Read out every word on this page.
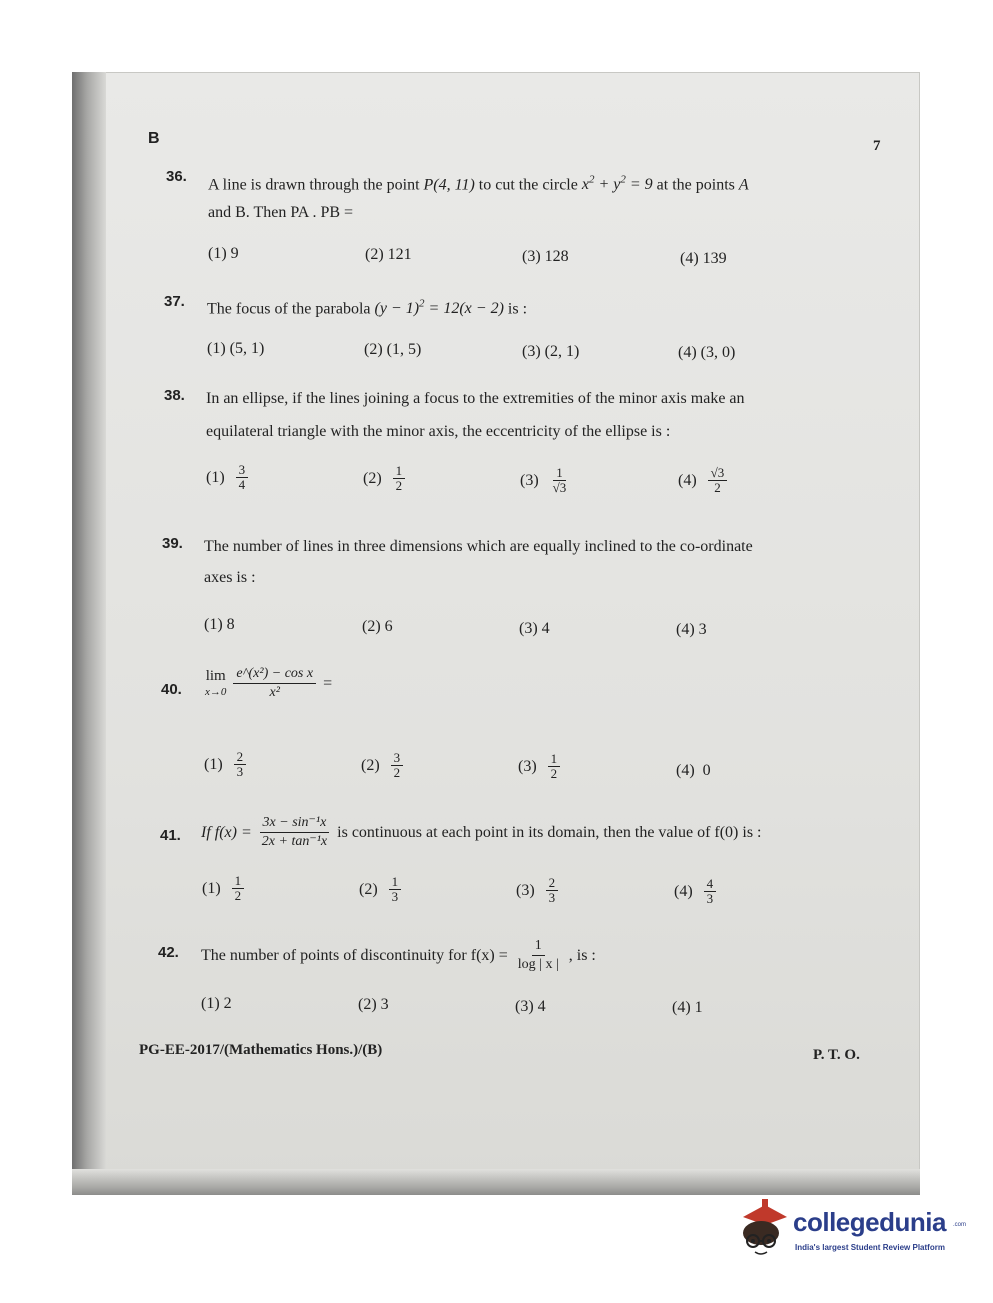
B	7
36. A line is drawn through the point P(4, 11) to cut the circle $x^2 + y^2 = 9$ at the points A
and B. Then PA . PB =
(1) 9	(2) 121	(3) 128	(4) 139
37. The focus of the parabola $(y - 1)^2 = 12(x - 2)$ is :
(1) (5, 1)	(2) (1, 5)	(3) (2, 1)	(4) (3, 0)
38. In an ellipse, if the lines joining a focus to the extremities of the minor axis make an
equilateral triangle with the minor axis, the eccentricity of the ellipse is :
$(1) \frac{3}{4}$	$(2) \frac{1}{2}$	$(3) \frac{1}{√3}$	$(4) \frac{√3}{2}$
39. The number of lines in three dimensions which are equally inclined to the co-ordinate
axes is :
(1) 8	(2) 6	(3) 4	(4) 3
40.
lim
$x\to 0 \frac{\text{e\textasciicircum{}(x²) − cos x}}{\text{x²}}$ =
$(1) \frac{2}{3}$	$(2) \frac{3}{2}$	$(3) \frac{1}{2}$	(4) 0
41. If $f(x) = \frac{\text{3x − sin⁻¹x}}{\text{2x + tan⁻¹x}}$ is continuous at each point in its domain, then the value of f(0) is :
$(1) \frac{1}{2}$	$(2) \frac{1}{3}$	$(3) \frac{2}{3}$	$(4) \frac{4}{3}$
42. The number of points of discontinuity for $f(x) = \frac{1}{\log | x |}$ , is :
(1) 2	(2) 3	(3) 4	(4) 1
PG-EE-2017/(Mathematics Hons.)/(B)	P. T. O.
collegedunia .com
India's largest Student Review Platform
